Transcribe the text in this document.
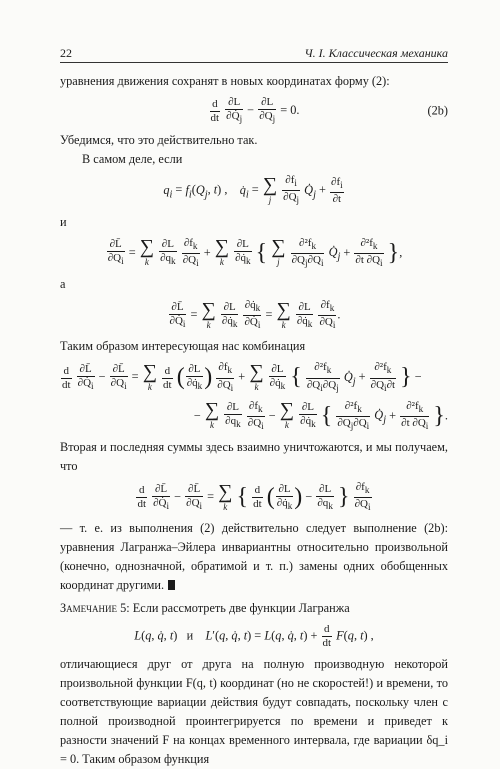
22	Ч. I. Классическая механика

уравнения движения сохранят в новых координатах форму (2):

$\frac{d}{dt}$
$\frac{\partial L}{\partial Q̇_j} - \frac{\partial L}{\partial Q_j} = 0$.	(2b)

Убедимся, что это действительно так.

В самом деле, если

$q_i = f_i(Q_j$, t) ,    $q̇_i$ = ∑
j
$\frac{\partial f_i}{\partial Q_j}$ $Q̇_j + \frac{\partial f_i}{\partial t}$

и

$\frac{\partial L̄}{\partial Q_i}$ = ∑
k
$\frac{\partial L}{\partial q_k}$
$\frac{\partial f_k}{\partial Q_i}$ + ∑
k
$\frac{\partial L}{\partial q̇_k}$ { ∑
j
$\frac{\partial^2f_k}{\partial Q_j\partial Q_i}$ $Q̇_j + \frac{\partial^2f_k}{\partial t \partial Q_i}$ },

а

$\frac{\partial L̄}{\partial Q̇_i}$ = ∑
k
$\frac{\partial L}{\partial q̇_k}$
$\frac{\partial q̇_k}{\partial Q̇_i}$ = ∑
k
$\frac{\partial L}{\partial q̇_k}$
$\frac{\partial f_k}{\partial Q_i}$ .

Таким образом интересующая нас комбинация

$\frac{d}{dt}$
$\frac{\partial L̄}{\partial Q̇_i} - \frac{\partial L̄}{\partial Q_i}$ = ∑
k
$\frac{d}{dt}$ ( $\frac{\partial L}{\partial q̇_k}$ ) $\frac{\partial f_k}{\partial Q_i}$ + ∑
k
$\frac{\partial L}{\partial q̇_k}$ { $\frac{\partial^2f_k}{\partial Q_i\partial Q_j}$ $Q̇_j + \frac{\partial^2f_k}{\partial Q_i\partial t}$ } −
− ∑
k
$\frac{\partial L}{\partial q_k}$
$\frac{\partial f_k}{\partial Q_i}$ − ∑
k
$\frac{\partial L}{\partial q̇_k}$ { $\frac{\partial^2f_k}{\partial Q_j\partial Q_i}$ $Q̇_j + \frac{\partial^2f_k}{\partial t \partial Q_i}$ }.

Вторая и последняя суммы здесь взаимно уничтожаются, и мы получаем, что

$\frac{d}{dt}$
$\frac{\partial L̄}{\partial Q̇_i} - \frac{\partial L̄}{\partial Q_i}$ = ∑
k { $\frac{d}{dt}$ ( $\frac{\partial L}{\partial q̇_k}$ ) − $\frac{\partial L}{\partial q_k}$ } $\frac{\partial f_k}{\partial Q_i}$

— т. е. из выполнения (2) действительно следует выполнение (2b): уравнения Лагранжа–Эйлера инвариантны относительно произвольной (конечно, однозначной, обратимой и т. п.) замены одних обобщенных координат другими.

Замечание 5: Если рассмотреть две функции Лагранжа

L(q, q̇, t)   и L′(q, q̇, t) = L(q, q̇, $t) + \frac{d}{dt} F(q$, t) ,

отличающиеся друг от друга на полную производную некоторой произвольной функции F(q, t) координат (но не скоростей!) и времени, то соответствующие вариации действия будут совпадать, поскольку член с полной производной проинтегрируется по времени и приведет к разности значений F на концах временного интервала, где вариации δq_i = 0. Таким образом функция
